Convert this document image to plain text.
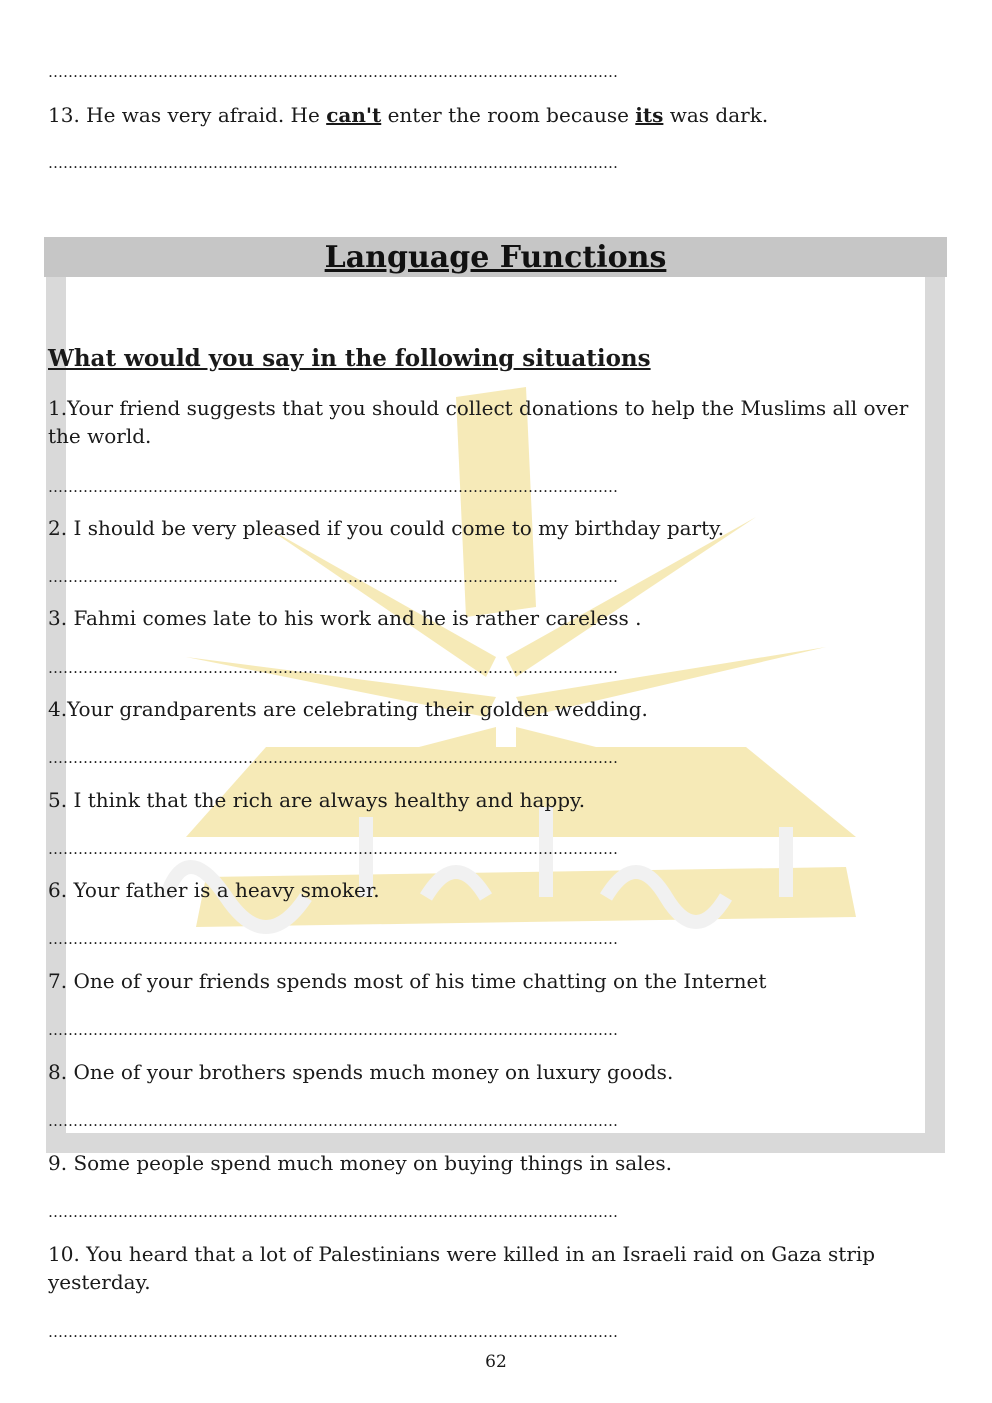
……………………………………………………………………………………………………
13. He was very afraid. He can't enter the room because its was dark.
……………………………………………………………………………………………………
Language Functions
What would you say in the following situations
1.Your friend suggests that you should collect donations to help the Muslims all over the world.
……………………………………………………………………………………………………
2. I should be very pleased if you could come to my birthday party.
……………………………………………………………………………………………………
3. Fahmi comes late to his work and he is rather careless .
……………………………………………………………………………………………………
4.Your grandparents are celebrating their golden wedding.
……………………………………………………………………………………………………
5. I think that the rich are always healthy and happy.
……………………………………………………………………………………………………
6. Your father is a heavy smoker.
……………………………………………………………………………………………………
7. One of your friends spends most of his time chatting on the Internet
……………………………………………………………………………………………………
8. One of your brothers spends much money on luxury goods.
……………………………………………………………………………………………………
9. Some people spend much money on buying things in sales.
……………………………………………………………………………………………………
10. You heard that a lot of Palestinians were killed in an Israeli raid on Gaza strip yesterday.
……………………………………………………………………………………………………
62
